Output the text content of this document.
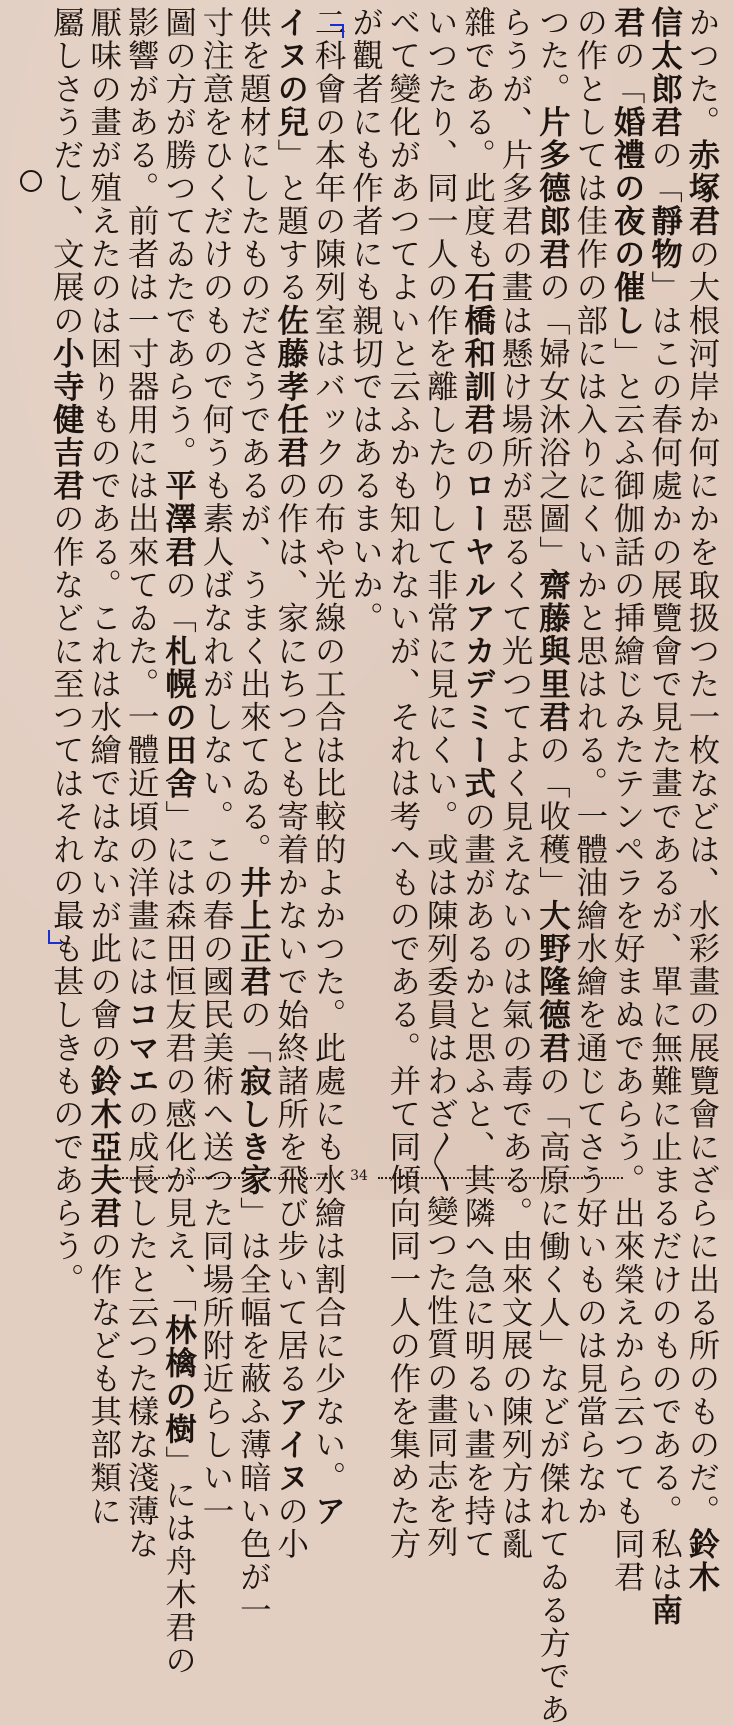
かつた。赤塚君の大根河岸か何にかを取扱つた一枚などは、水彩畫の展覽會にざらに出る所のものだ。鈴木
信太郎君の「靜物」はこの春何處かの展覽會で見た畫であるが、單に無難に止まるだけのものである。私は南
君の「婚禮の夜の催し」と云ふ御伽話の挿繪じみたテンペラを好まぬであらう。出來榮えから云つても同君
の作としては佳作の部には入りにくいかと思はれる。一體油繪水繪を通じてさう好いものは見當らなか
つた。片多德郎君の「婦女沐浴之圖」齋藤與里君の「收穫」大野隆德君の「高原に働く人」などが傑れてゐる方であ
らうが、片多君の畫は懸け場所が惡るくて光つてよく見えないのは氣の毒である。由來文展の陳列方は亂
雜である。此度も石橋和訓君のローヤルアカデミー式の畫があるかと思ふと、其隣へ急に明るい畫を持て
いつたり、同一人の作を離したりして非常に見にくい。或は陳列委員はわざ〳〵變つた性質の畫同志を列
べて變化があつてよいと云ふかも知れないが、それは考へものである。并て同傾向同一人の作を集めた方
が觀者にも作者にも親切ではあるまいか。
二科會の本年の陳列室はバックの布や光線の工合は比較的よかつた。此處にも水繪は割合に少ない。ア
イヌの兒」と題する佐藤孝任君の作は、家にちつとも寄着かないで始終諸所を飛び步いて居るアイヌの小
供を題材にしたものださうであるが、うまく出來てゐる。井上正君の「寂しき家」は全幅を蔽ふ薄暗い色が一
寸注意をひくだけのもので何うも素人ばなれがしない。この春の國民美術へ送つた同場所附近らしい一
圖の方が勝つてゐたであらう。平澤君の「札幌の田舍」には森田恒友君の感化が見え、「林檎の樹」には舟木君の
影響がある。前者は一寸器用には出來てゐた。一體近頃の洋畫にはコマエの成長したと云つた樣な淺薄な
厭味の畫が殖えたのは困りものである。これは水繪ではないが此の會の鈴木亞夫君の作なども其部類に
屬しさうだし、文展の小寺健吉君の作などに至つてはそれの最も甚しきものであらう。	34
